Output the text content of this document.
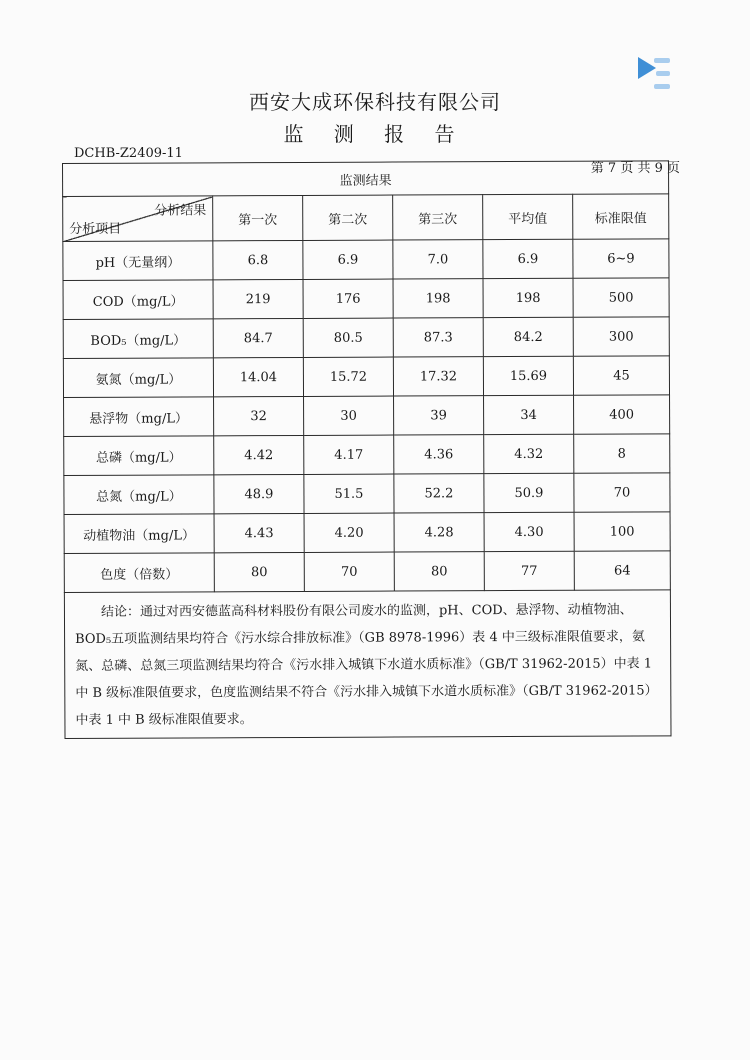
西安大成环保科技有限公司
监 测 报 告
DCHB-Z2409-11
第 7 页 共 9 页
监测结果					

分析结果
分析项目	第一次	第二次	第三次	平均值	标准限值
pH（无量纲）	6.8	6.9	7.0	6.9	6~9
COD（mg/L）	219	176	198	198	500
BOD₅（mg/L）	84.7	80.5	87.3	84.2	300
氨氮（mg/L）	14.04	15.72	17.32	15.69	45
悬浮物（mg/L）	32	30	39	34	400
总磷（mg/L）	4.42	4.17	4.36	4.32	8
总氮（mg/L）	48.9	51.5	52.2	50.9	70
动植物油（mg/L）	4.43	4.20	4.28	4.30	100
色度（倍数）	80	70	80	77	64
结论：通过对西安德蓝高科材料股份有限公司废水的监测，pH、COD、悬浮物、动植物油、BOD₅五项监测结果均符合《污水综合排放标准》（GB 8978-1996）表 4 中三级标准限值要求，氨氮、总磷、总氮三项监测结果均符合《污水排入城镇下水道水质标准》（GB/T 31962-2015）中表 1 中 B 级标准限值要求，色度监测结果不符合《污水排入城镇下水道水质标准》（GB/T 31962-2015）中表 1 中 B 级标准限值要求。					
